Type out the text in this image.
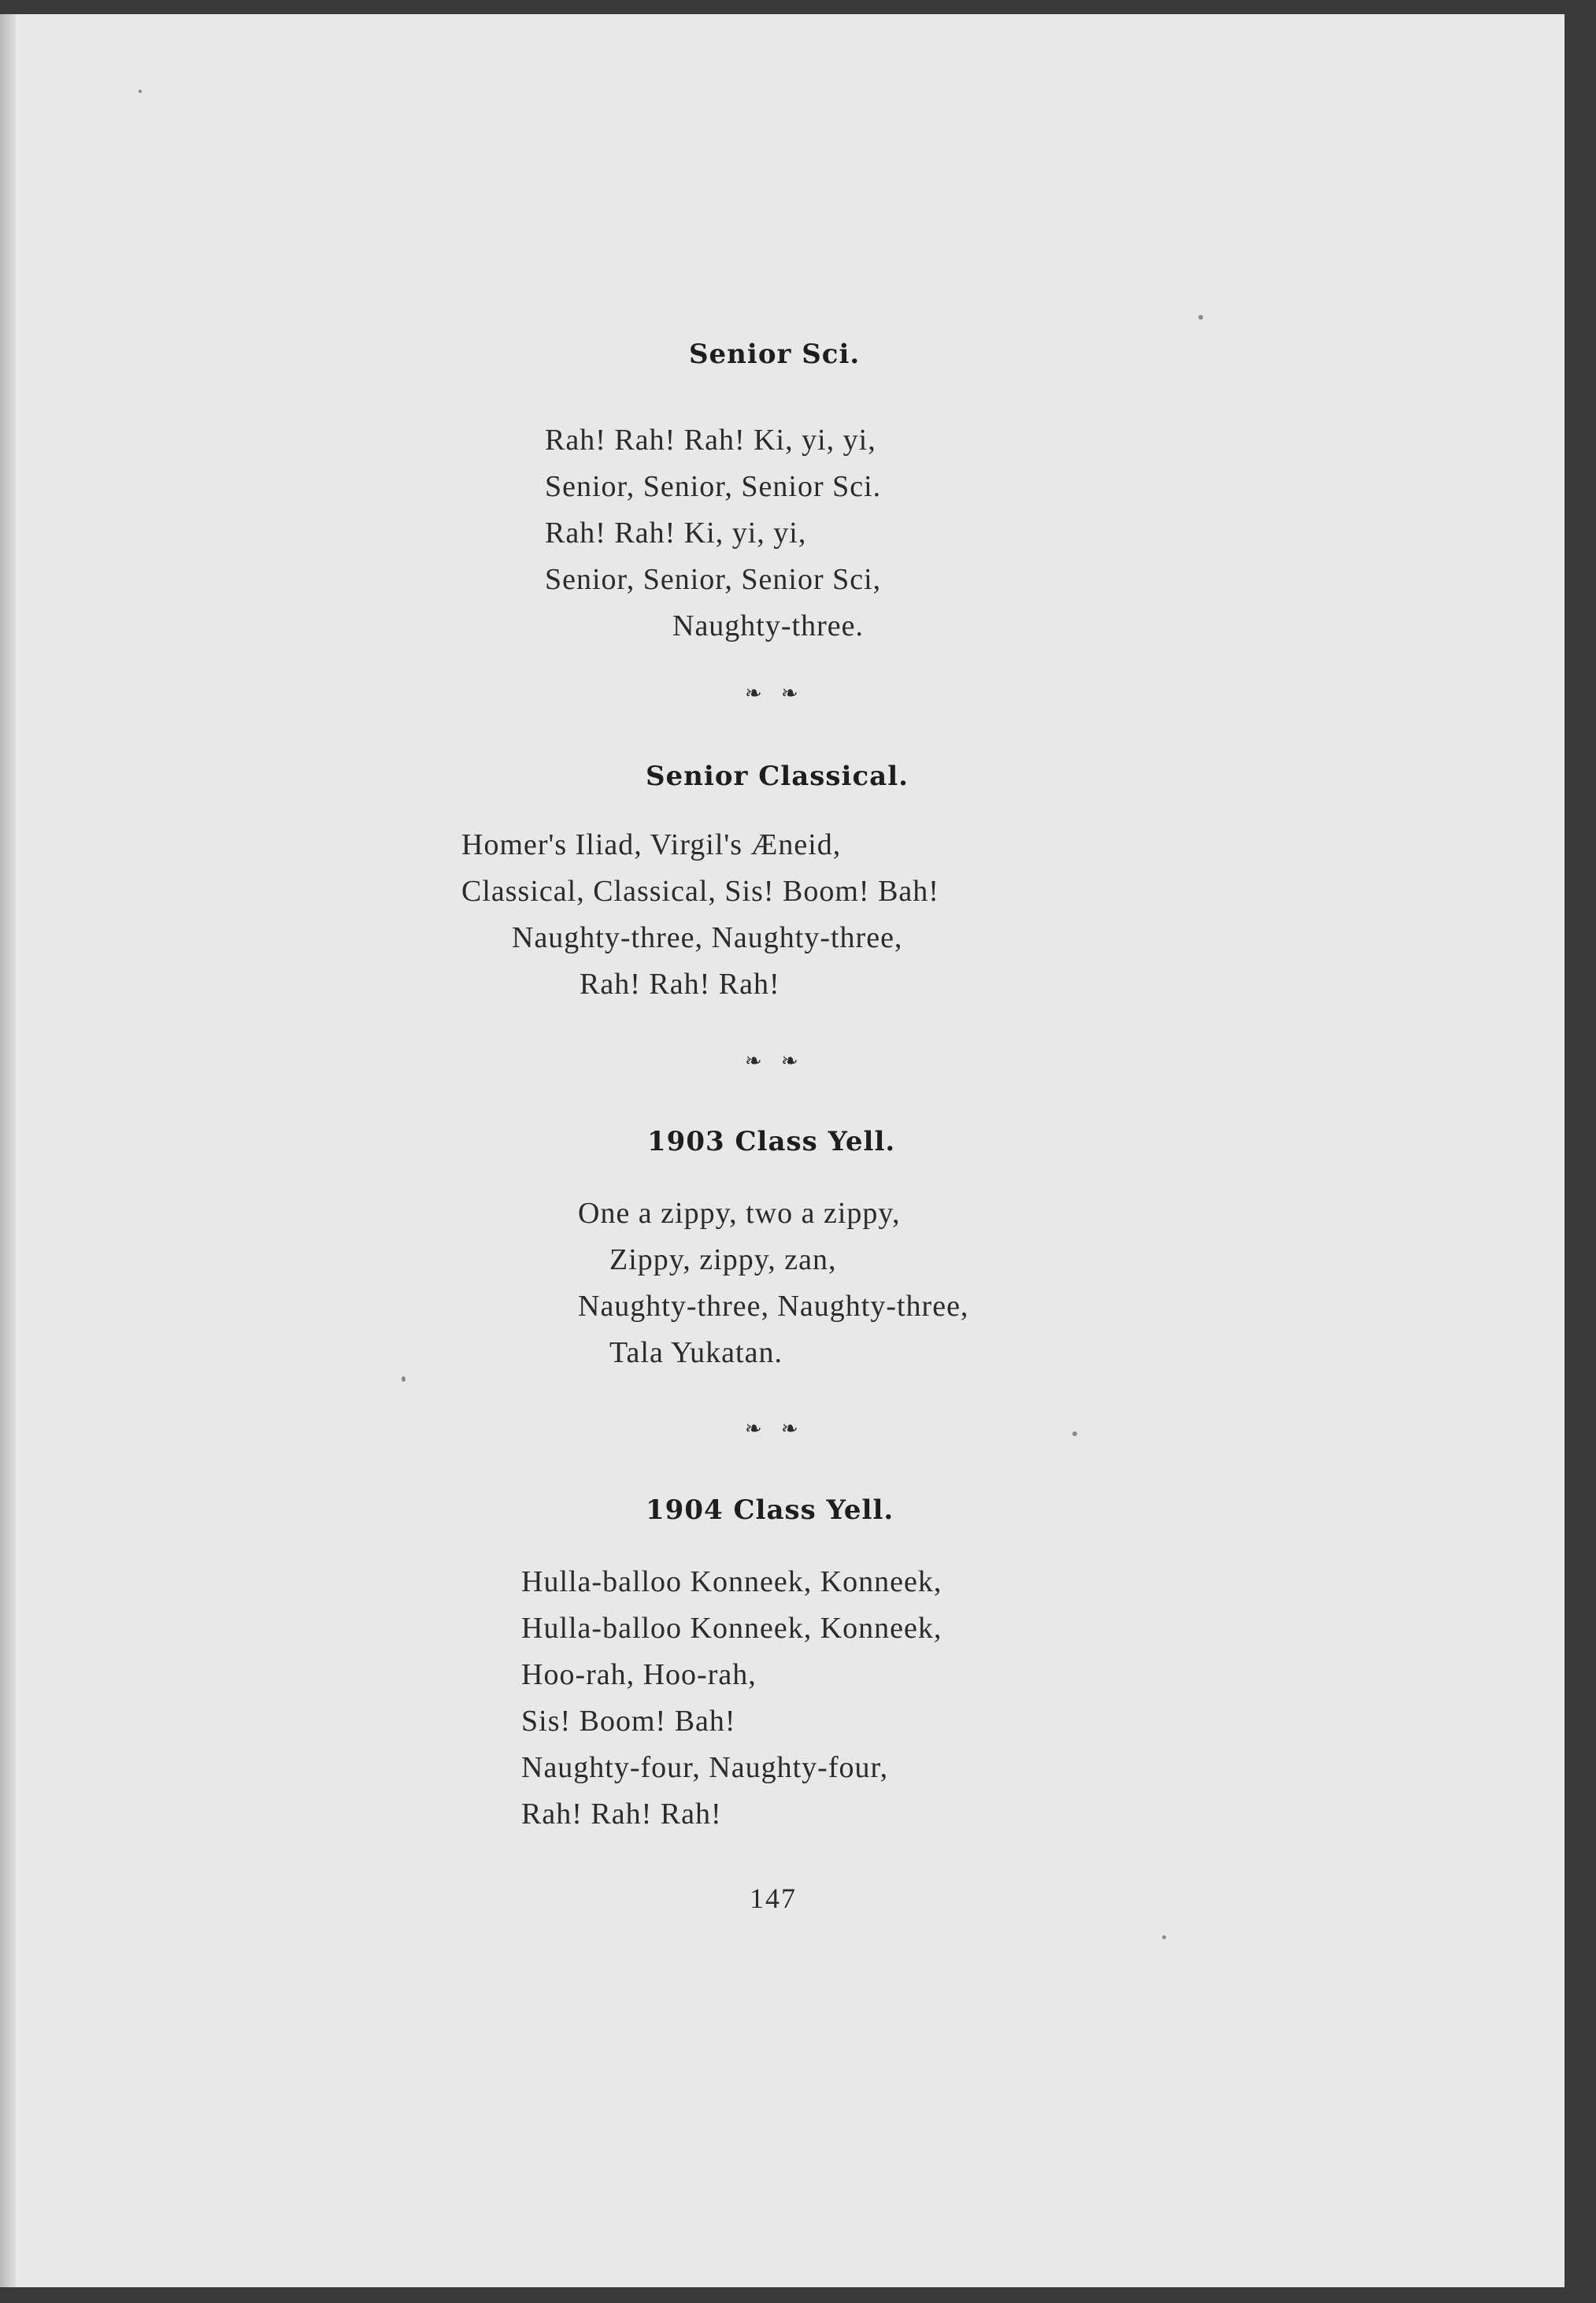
Senior Sci.
Rah! Rah! Rah! Ki, yi, yi,
Senior, Senior, Senior Sci.
Rah! Rah! Ki, yi, yi,
Senior, Senior, Senior Sci,
Naughty-three.
❧ ❧
Senior Classical.
Homer's Iliad, Virgil's Æneid,
Classical, Classical, Sis! Boom! Bah!
Naughty-three, Naughty-three,
Rah! Rah! Rah!
❧ ❧
1903 Class Yell.
One a zippy, two a zippy,
Zippy, zippy, zan,
Naughty-three, Naughty-three,
Tala Yukatan.
❧ ❧
1904 Class Yell.
Hulla-balloo Konneek, Konneek,
Hulla-balloo Konneek, Konneek,
Hoo-rah, Hoo-rah,
Sis! Boom! Bah!
Naughty-four, Naughty-four,
Rah! Rah! Rah!
147
